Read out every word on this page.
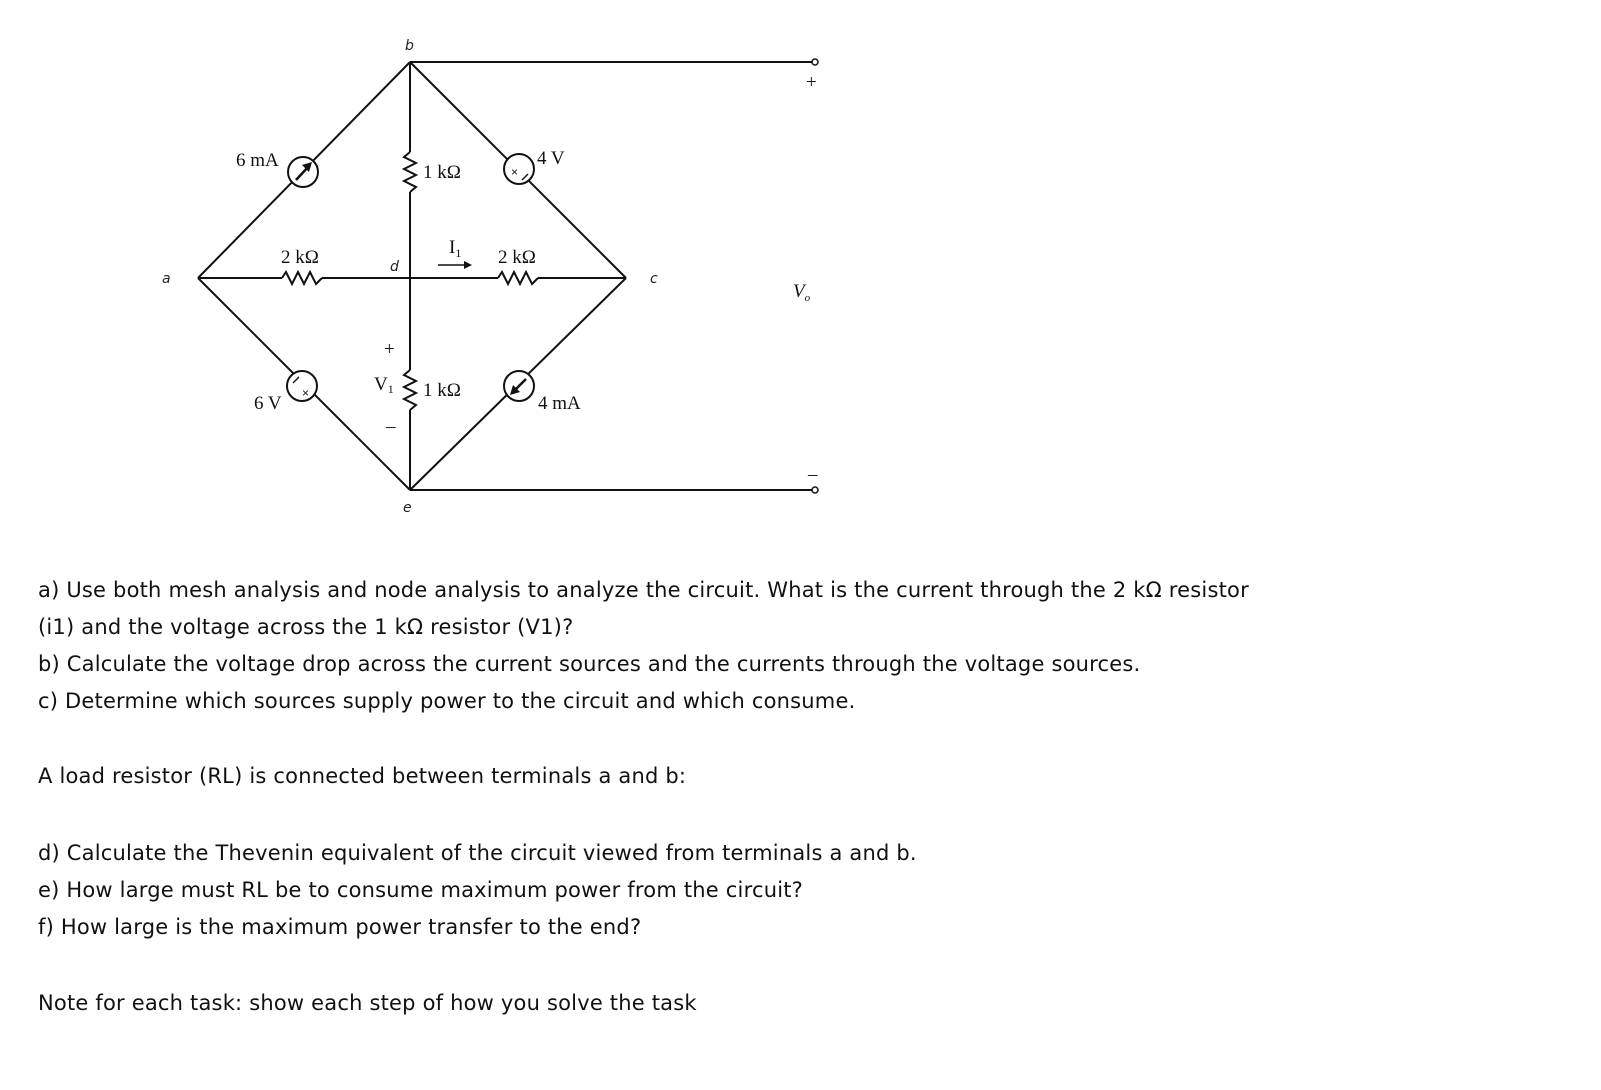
×
×
b
a
d
c
e
6 mA
1 kΩ
4 V
$I_1$
2 kΩ	2 kΩ
6 V
V1 1 kΩ
4 mA
+
–
+
$V_o$
–
a) Use both mesh analysis and node analysis to analyze the circuit. What is the current through the 2 kΩ resistor
(i1) and the voltage across the 1 kΩ resistor (V1)?
b) Calculate the voltage drop across the current sources and the currents through the voltage sources.
c) Determine which sources supply power to the circuit and which consume.
A load resistor (RL) is connected between terminals a and b:
d) Calculate the Thevenin equivalent of the circuit viewed from terminals a and b.
e) How large must RL be to consume maximum power from the circuit?
f) How large is the maximum power transfer to the end?
Note for each task: show each step of how you solve the task
